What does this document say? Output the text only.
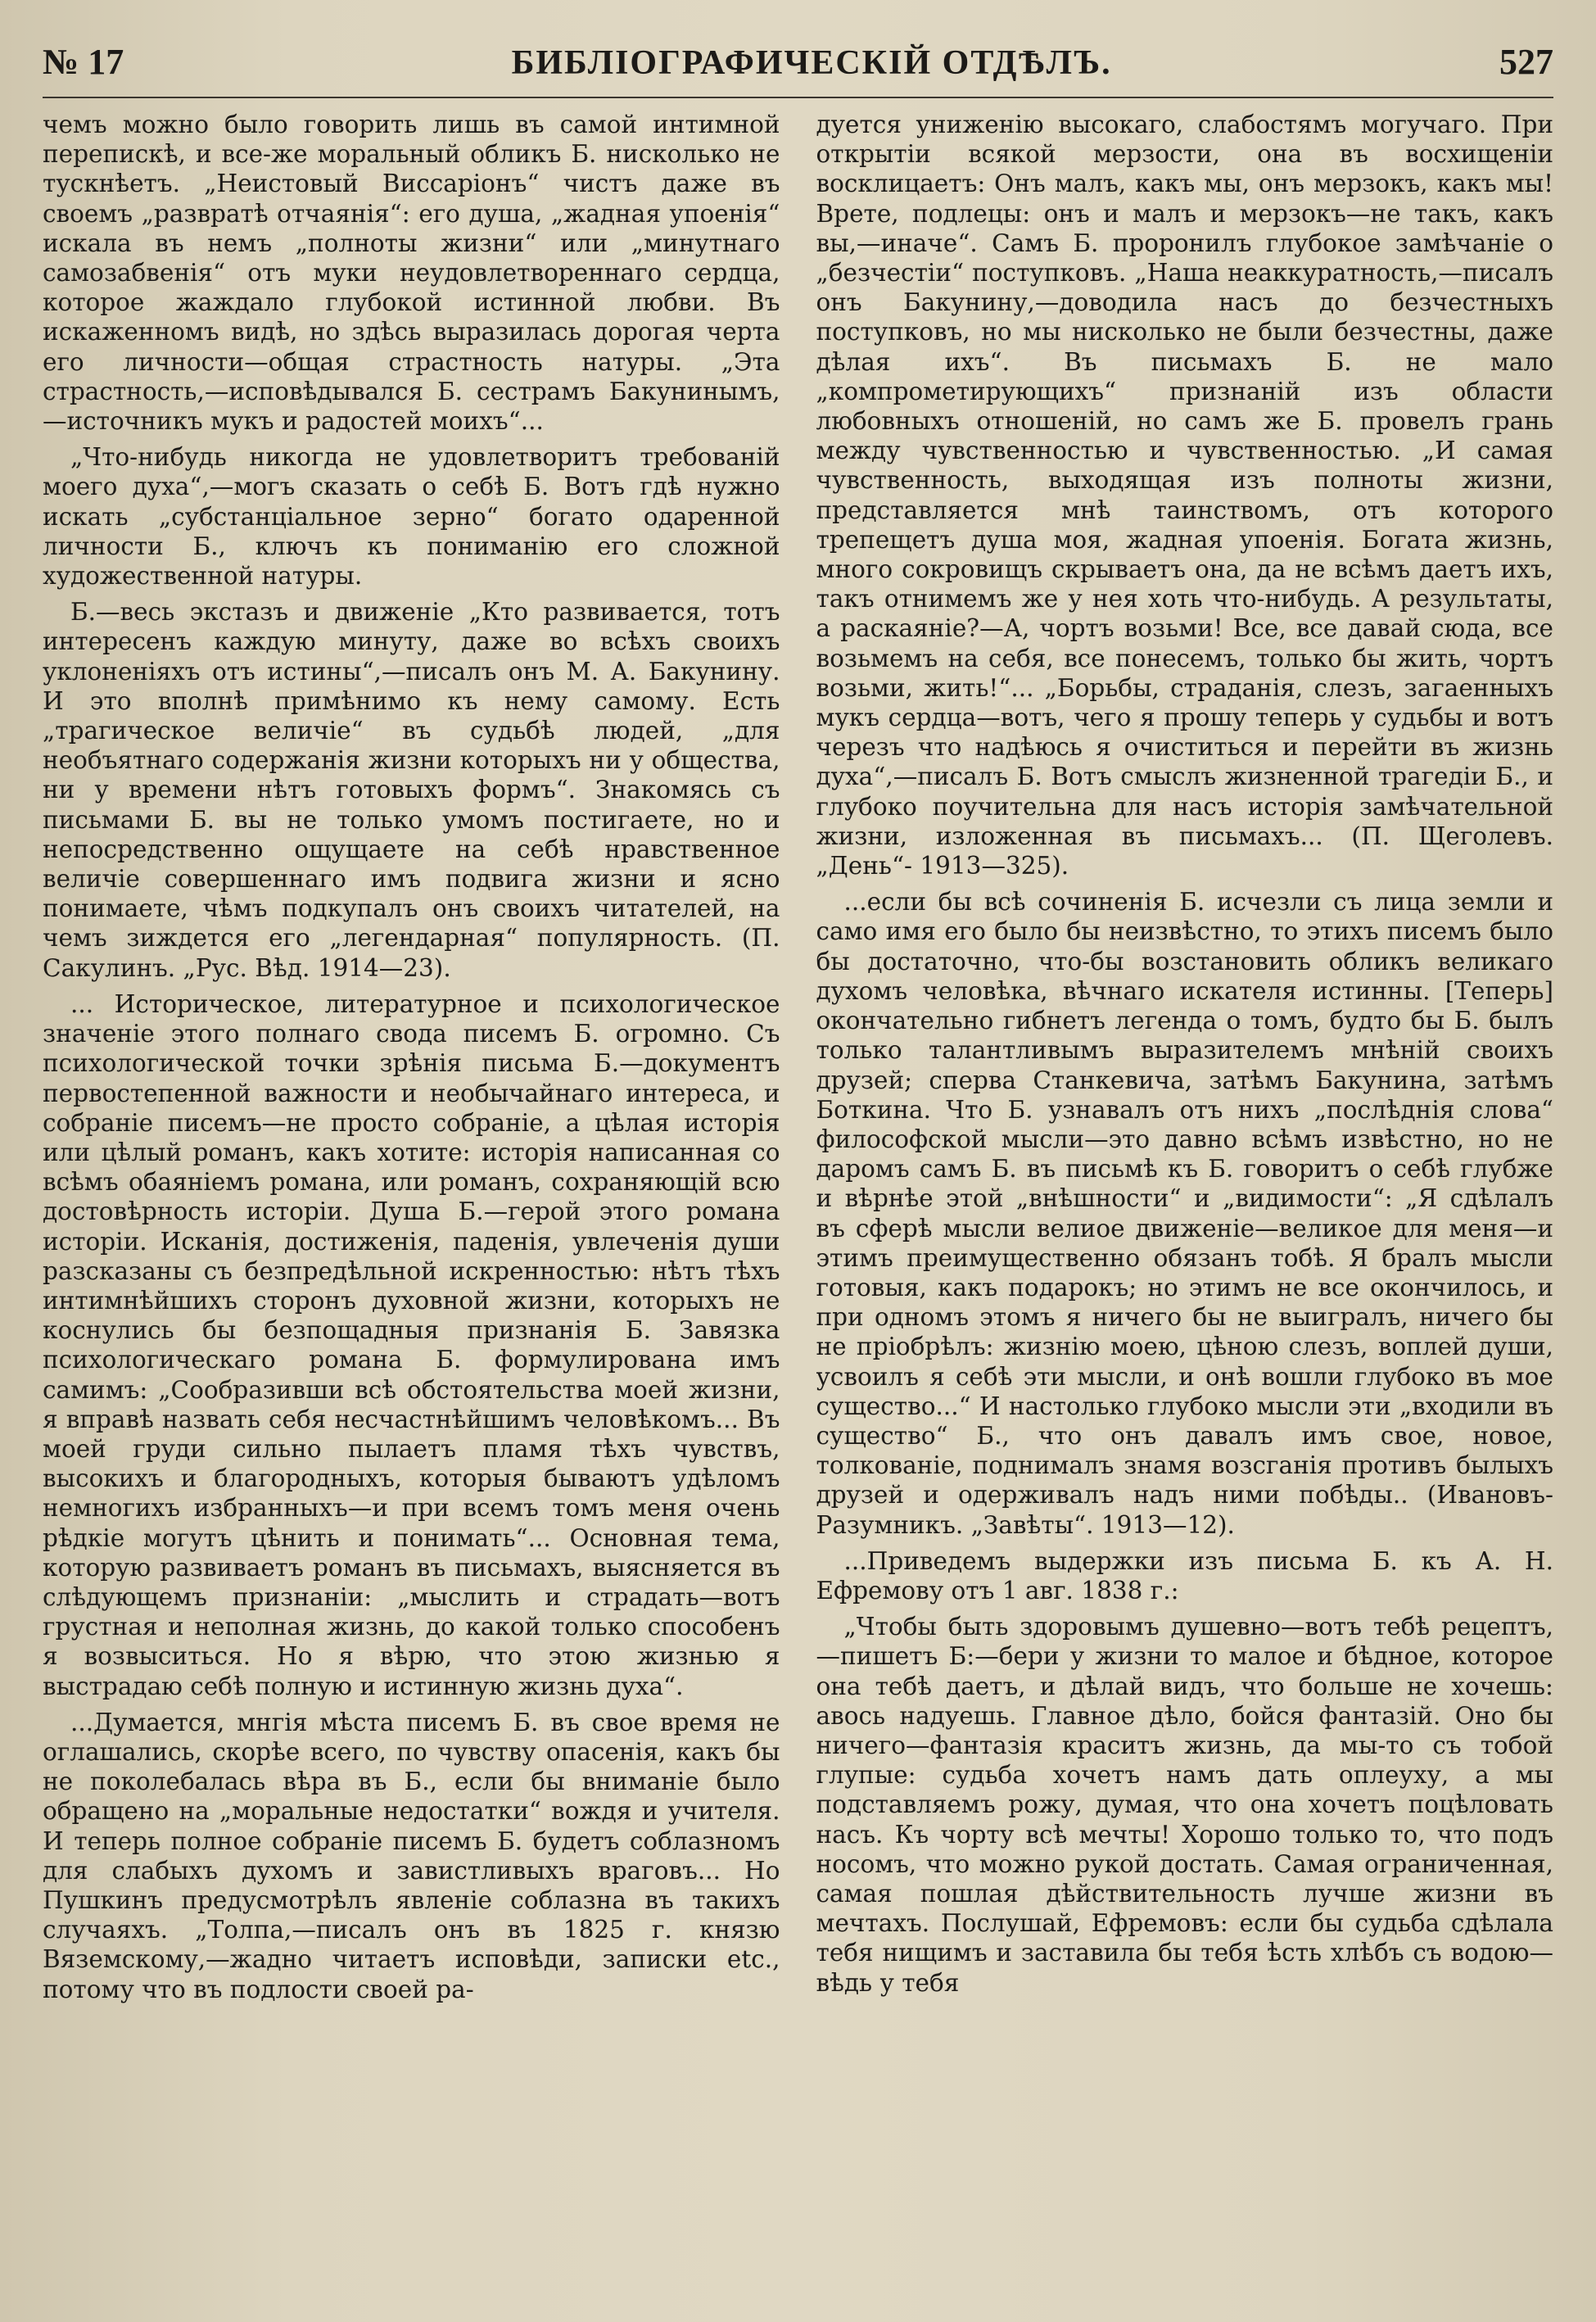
№ 17	БИБЛІОГРАФИЧЕСКІЙ ОТДѢЛЪ.	527

чемъ можно было говорить лишь въ самой интимной перепискѣ, и все-же моральный обликъ Б. нисколько не тускнѣетъ. „Неистовый Виссаріонъ“ чистъ даже въ своемъ „развратѣ отчаянія“: его душа, „жадная упоенія“ искала въ немъ „полноты жизни“ или „минутнаго самозабвенія“ отъ муки неудовлетвореннаго сердца, которое жаждало глубокой истинной любви. Въ искаженномъ видѣ, но здѣсь выразилась дорогая черта его личности—общая страстность натуры. „Эта страстность,—исповѣдывался Б. сестрамъ Бакунинымъ,—источникъ мукъ и радостей моихъ“...

„Что-нибудь никогда не удовлетворитъ требованій моего духа“,—могъ сказать о себѣ Б. Вотъ гдѣ нужно искать „субстанціальное зерно“ богато одаренной личности Б., ключъ къ пониманію его сложной художественной натуры.

Б.—весь экстазъ и движеніе „Кто развивается, тотъ интересенъ каждую минуту, даже во всѣхъ своихъ уклоненіяхъ отъ истины“,—писалъ онъ М. А. Бакунину. И это вполнѣ примѣнимо къ нему самому. Есть „трагическое величіе“ въ судьбѣ людей, „для необъятнаго содержанія жизни которыхъ ни у общества, ни у времени нѣтъ готовыхъ формъ“. Знакомясь съ письмами Б. вы не только умомъ постигаете, но и непосредственно ощущаете на себѣ нравственное величіе совершеннаго имъ подвига жизни и ясно понимаете, чѣмъ подкупалъ онъ своихъ читателей, на чемъ зиждется его „легендарная“ популярность. (П. Сакулинъ. „Рус. Вѣд. 1914—23).

... Историческое, литературное и психологическое значеніе этого полнаго свода писемъ Б. огромно. Съ психологической точки зрѣнія письма Б.—документъ первостепенной важности и необычайнаго интереса, и собраніе писемъ—не просто собраніе, а цѣлая исторія или цѣлый романъ, какъ хотите: исторія написанная со всѣмъ обаяніемъ романа, или романъ, сохраняющій всю достовѣрность исторіи. Душа Б.—герой этого романа исторіи. Исканія, достиженія, паденія, увлеченія души разсказаны съ безпредѣльной искренностью: нѣтъ тѣхъ интимнѣйшихъ сторонъ духовной жизни, которыхъ не коснулись бы безпощадныя признанія Б. Завязка психологическаго романа Б. формулирована имъ самимъ: „Сообразивши всѣ обстоятельства моей жизни, я вправѣ назвать себя несчастнѣйшимъ человѣкомъ... Въ моей груди сильно пылаетъ пламя тѣхъ чувствъ, высокихъ и благородныхъ, которыя бываютъ удѣломъ немногихъ избранныхъ—и при всемъ томъ меня очень рѣдкіе могутъ цѣнить и понимать“... Основная тема, которую развиваетъ романъ въ письмахъ, выясняется въ слѣдующемъ признаніи: „мыслить и страдать—вотъ грустная и неполная жизнь, до какой только способенъ я возвыситься. Но я вѣрю, что этою жизнью я выстрадаю себѣ полную и истинную жизнь духа“.

...Думается, мнгія мѣста писемъ Б. въ свое время не оглашались, скорѣе всего, по чувству опасенія, какъ бы не поколебалась вѣра въ Б., если бы вниманіе было обращено на „моральные недостатки“ вождя и учителя. И теперь полное собраніе писемъ Б. будетъ соблазномъ для слабыхъ духомъ и завистливыхъ враговъ... Но Пушкинъ предусмотрѣлъ явленіе соблазна въ такихъ случаяхъ. „Толпа,—писалъ онъ въ 1825 г. князю Вяземскому,—жадно читаетъ исповѣди, записки etc., потому что въ подлости своей ра-

дуется униженію высокаго, слабостямъ могучаго. При открытіи всякой мерзости, она въ восхищеніи восклицаетъ: Онъ малъ, какъ мы, онъ мерзокъ, какъ мы! Вретe, подлецы: онъ и малъ и мерзокъ—не такъ, какъ вы,—иначе“. Самъ Б. проронилъ глубокое замѣчаніе о „безчестіи“ поступковъ. „Наша неаккуратность,—писалъ онъ Бакунину,—доводила насъ до безчестныхъ поступковъ, но мы нисколько не были безчестны, даже дѣлая ихъ“. Въ письмахъ Б. не мало „компрометирующихъ“ признаній изъ области любовныхъ отношеній, но самъ же Б. провелъ грань между чувственностью и чувственностью. „И самая чувственность, выходящая изъ полноты жизни, представляется мнѣ таинствомъ, отъ которого трепещетъ душа моя, жадная упоенія. Богата жизнь, много сокровищъ скрываетъ она, да не всѣмъ даетъ ихъ, такъ отнимемъ же у нея хоть что-нибудь. А результаты, а раскаяніе?—А, чортъ возьми! Все, все давай сюда, все возьмемъ на себя, все понесемъ, только бы жить, чортъ возьми, жить!“... „Борьбы, страданія, слезъ, загаенныхъ мукъ сердца—вотъ, чего я прошу теперь у судьбы и вотъ черезъ что надѣюсь я очиститься и перейти въ жизнь духа“,—писалъ Б. Вотъ смыслъ жизненной трагедіи Б., и глубоко поучительна для насъ исторія замѣчательной жизни, изложенная въ письмахъ... (П. Щеголевъ. „День“- 1913—325).

...если бы всѣ сочиненія Б. исчезли съ лица земли и само имя его было бы неизвѣстно, то этихъ писемъ было бы достаточно, что-бы возстановить обликъ великаго духомъ человѣка, вѣчнаго искателя истинны. [Теперь] окончательно гибнетъ легенда о томъ, будто бы Б. былъ только талантливымъ выразителемъ мнѣній своихъ друзей; сперва Станкевича, затѣмъ Бакунина, затѣмъ Боткина. Что Б. узнавалъ отъ нихъ „послѣднія слова“ философской мысли—это давно всѣмъ извѣстно, но не даромъ самъ Б. въ письмѣ къ Б. говоритъ о себѣ глубже и вѣрнѣе этой „внѣшности“ и „видимости“: „Я сдѣлалъ въ сферѣ мысли велиое движеніе—великое для меня—и этимъ преимущественно обязанъ тобѣ. Я бралъ мысли готовыя, какъ подарокъ; но этимъ не все окончилось, и при одномъ этомъ я ничего бы не выигралъ, ничего бы не пріобрѣлъ: жизнію моею, цѣною слезъ, воплей души, усвоилъ я себѣ эти мысли, и онѣ вошли глубоко въ мое существо...“ И настолько глубоко мысли эти „входили въ существо“ Б., что онъ давалъ имъ свое, новое, толкованіе, поднималъ знамя возсганія противъ былыхъ друзей и одерживалъ надъ ними побѣды.. (Ивановъ-Разумникъ. „Завѣты“. 1913—12).

...Приведемъ выдержки изъ письма Б. къ А. Н. Ефремову отъ 1 авг. 1838 г.:

„Чтобы быть здоровымъ душевно—вотъ тебѣ рецептъ,—пишетъ Б:—бери у жизни то малое и бѣдное, которое она тебѣ даетъ, и дѣлай видъ, что больше не хочешь: авось надуешь. Главное дѣло, бойся фантазій. Оно бы ничего—фантазія краситъ жизнь, да мы-то съ тобой глупые: судьба хочетъ намъ дать оплеуху, а мы подставляемъ рожу, думая, что она хочетъ поцѣловать насъ. Къ чорту всѣ мечты! Хорошо только то, что подъ носомъ, что можно рукой достать. Самая ограниченная, самая пошлая дѣйствительность лучше жизни въ мечтахъ. Послушай, Ефремовъ: если бы судьба сдѣлала тебя нищимъ и заставила бы тебя ѣсть хлѣбъ съ водою—вѣдь у тебя
